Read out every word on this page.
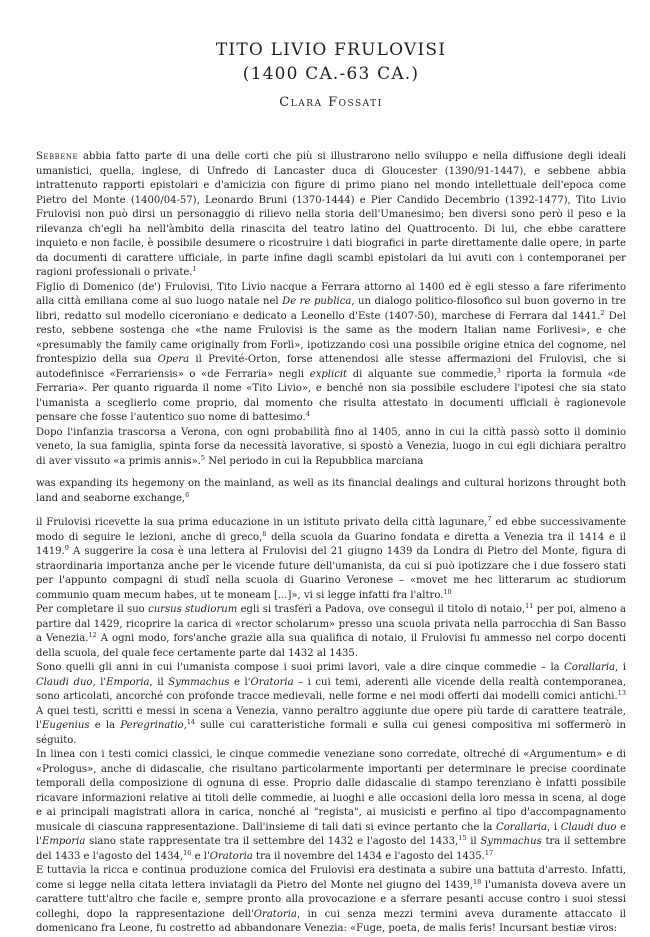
TITO LIVIO FRULOVISI
(1400 CA.-63 CA.)
Clara Fossati

Sebbene abbia fatto parte di una delle corti che più si illustrarono nello sviluppo e nella diffusione degli ideali umanistici, quella, inglese, di Unfredo di Lancaster duca di Gloucester (1390/91-1447), e sebbene abbia intrattenuto rapporti epistolari e d'amicizia con figure di primo piano nel mondo intellettuale dell'epoca come Pietro del Monte (1400/04-57), Leonardo Bruni (1370-1444) e Pier Candido Decembrio (1392-1477), Tito Livio Frulovisi non può dirsi un personaggio di rilievo nella storia dell'Umanesimo; ben diversi sono però il peso e la rilevanza ch'egli ha nell'àmbito della rinascita del teatro latino del Quattrocento. Di lui, che ebbe carattere inquieto e non facile, è possibile desumere o ricostruire i dati biografici in parte direttamente dalle opere, in parte da documenti di carattere ufficiale, in parte infine dagli scambi epistolari da lui avuti con i contemporanei per ragioni professionali o private.$^1$

Figlio di Domenico (de') Frulovisi, Tito Livio nacque a Ferrara attorno al 1400 ed è egli stesso a fare riferimento alla città emiliana come al suo luogo natale nel De re publica, un dialogo politico-filosofico sul buon governo in tre libri, redatto sul modello ciceroniano e dedicato a Leonello d'Este (1407-50), marchese di Ferrara dal 1441.$^2$ Del resto, sebbene sostenga che «the name Frulovisi is the same as the modern Italian name Forlivesi», e che «presumably the family came originally from Forlì», ipotizzando così una possibile origine etnica del cognome, nel frontespizio della sua Opera il Previté-Orton, forse attenendosi alle stesse affermazioni del Frulovisi, che si autodefinisce «Ferrariensis» o «de Ferraria» negli explicit di alquante sue commedie,$^3$ riporta la formula «de Ferraria». Per quanto riguarda il nome «Tito Livio», e benché non sia possibile escludere l'ipotesi che sia stato l'umanista a sceglierlo come proprio, dal momento che risulta attestato in documenti ufficiali è ragionevole pensare che fosse l'autentico suo nome di battesimo.$^4$

Dopo l'infanzia trascorsa a Verona, con ogni probabilità fino al 1405, anno in cui la città passò sotto il dominio veneto, la sua famiglia, spinta forse da necessità lavorative, si spostò a Venezia, luogo in cui egli dichiara peraltro di aver vissuto «a primis annis».$^5$ Nel periodo in cui la Repubblica marciana

was expanding its hegemony on the mainland, as well as its financial dealings and cultural horizons throught both land and seaborne exchange,$^6$

il Frulovisi ricevette la sua prima educazione in un istituto privato della città lagunare,$^7$ ed ebbe successivamente modo di seguire le lezioni, anche di greco,$^8$ della scuola da Guarino fondata e diretta a Venezia tra il 1414 e il 1419.$^9$ A suggerire la cosa è una lettera al Frulovisi del 21 giugno 1439 da Londra di Pietro del Monte, figura di straordinaria importanza anche per le vicende future dell'umanista, da cui si può ipotizzare che i due fossero stati per l'appunto compagni di studî nella scuola di Guarino Veronese – «movet me hec litterarum ac studiorum communio quam mecum habes, ut te moneam [...]», vi si legge infatti fra l'altro.$^{10}$

Per completare il suo cursus studiorum egli si trasferì a Padova, ove conseguì il titolo di notaio,$^{11}$ per poi, almeno a partire dal 1429, ricoprire la carica di «rector scholarum» presso una scuola privata nella parrocchia di San Basso a Venezia.$^{12}$ A ogni modo, fors'anche grazie alla sua qualifica di notaio, il Frulovisi fu ammesso nel corpo docenti della scuola, del quale fece certamente parte dal 1432 al 1435.

Sono quelli gli anni in cui l'umanista compose i suoi primi lavori, vale a dire cinque commedie – la Corallaria, i Claudi duo, l'Emporia, il Symmachus e l'Oratoria – i cui temi, aderenti alle vicende della realtà contemporanea, sono articolati, ancorché con profonde tracce medievali, nelle forme e nei modi offerti dai modelli comici antichi.$^{13}$ A quei testi, scritti e messi in scena a Venezia, vanno peraltro aggiunte due opere più tarde di carattere teatrale, l'Eugenius e la Peregrinatio,$^{14}$ sulle cui caratteristiche formali e sulla cui genesi compositiva mi soffermerò in séguito.

In linea con i testi comici classici, le cinque commedie veneziane sono corredate, oltreché di «Argumentum» e di «Prologus», anche di didascalie, che risultano particolarmente importanti per determinare le precise coordinate temporali della composizione di ognuna di esse. Proprio dalle didascalie di stampo terenziano è infatti possibile ricavare informazioni relative ai titoli delle commedie, ai luoghi e alle occasioni della loro messa in scena, al doge e ai principali magistrati allora in carica, nonché al "regista", ai musicisti e perfino al tipo d'accompagnamento musicale di ciascuna rappresentazione. Dall'insieme di tali dati si evince pertanto che la Corallaria, i Claudi duo e l'Emporia siano state rappresentate tra il settembre del 1432 e l'agosto del 1433,15 il Symmachus tra il settembre del 1433 e l'agosto del 1434,16 e l'Oratoria tra il novembre del 1434 e l'agosto del 1435.17

E tuttavia la ricca e continua produzione comica del Frulovisi era destinata a subire una battuta d'arresto. Infatti, come si legge nella citata lettera inviatagli da Pietro del Monte nel giugno del 1439,18 l'umanista doveva avere un carattere tutt'altro che facile e, sempre pronto alla provocazione e a sferrare pesanti accuse contro i suoi stessi colleghi, dopo la rappresentazione dell'Oratoria, in cui senza mezzi termini aveva duramente attaccato il domenicano fra Leone, fu costretto ad abbandonare Venezia: «Fuge, poeta, de malis feris! Incursant bestiæ viros:
